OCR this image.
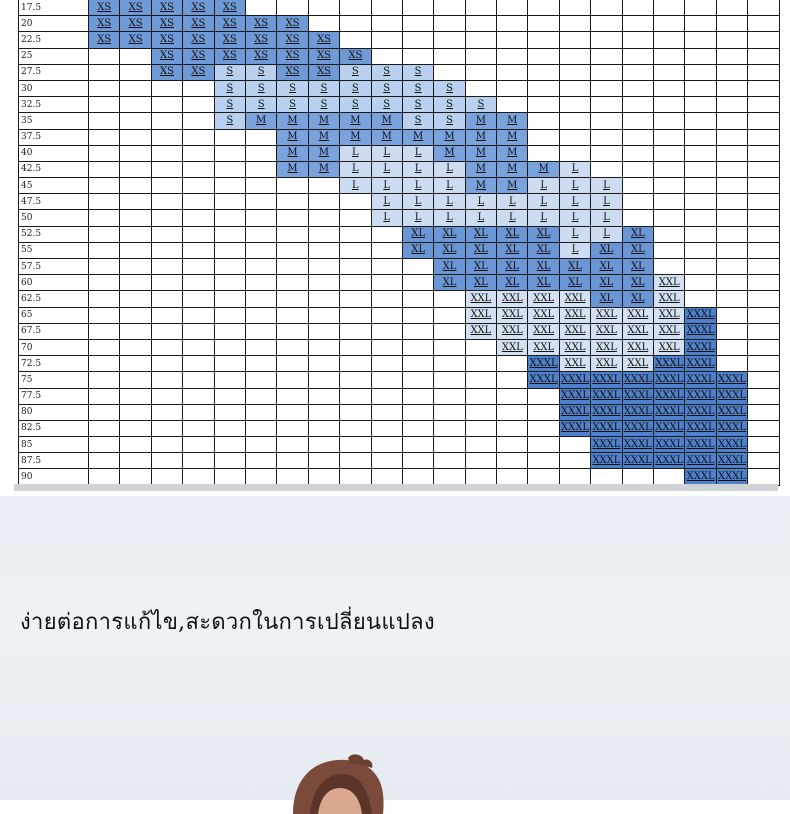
17.5	XS	XS	XS	XS	XS																	
20	XS	XS	XS	XS	XS	XS	XS															
22.5	XS	XS	XS	XS	XS	XS	XS	XS														
25			XS	XS	XS	XS	XS	XS	XS													
27.5			XS	XS	S	S	XS	XS	S	S	S											
30					S	S	S	S	S	S	S	S										
32.5					S	S	S	S	S	S	S	S	S									
35					S	M	M	M	M	M	S	S	M	M								
37.5							M	M	M	M	M	M	M	M								
40							M	M	L	L	L	M	M	M								
42.5							M	M	L	L	L	L	M	M	M	L						
45									L	L	L	L	M	M	L	L	L					
47.5										L	L	L	L	L	L	L	L					
50										L	L	L	L	L	L	L	L					
52.5											XL	XL	XL	XL	XL	L	L	XL				
55											XL	XL	XL	XL	XL	L	XL	XL				
57.5												XL	XL	XL	XL	XL	XL	XL				
60												XL	XL	XL	XL	XL	XL	XL	XXL			
62.5													XXL	XXL	XXL	XXL	XL	XL	XXL			
65													XXL	XXL	XXL	XXL	XXL	XXL	XXL	XXXL		
67.5													XXL	XXL	XXL	XXL	XXL	XXL	XXL	XXXL		
70														XXL	XXL	XXL	XXL	XXL	XXL	XXXL		
72.5															XXXL	XXL	XXL	XXL	XXXL	XXXL		
75															XXXL	XXXL	XXXL	XXXL	XXXL	XXXL	XXXL	
77.5																XXXL	XXXL	XXXL	XXXL	XXXL	XXXL	
80																XXXL	XXXL	XXXL	XXXL	XXXL	XXXL	
82.5																XXXL	XXXL	XXXL	XXXL	XXXL	XXXL	
85																	XXXL	XXXL	XXXL	XXXL	XXXL	
87.5																	XXXL	XXXL	XXXL	XXXL	XXXL	
90																				XXXL	XXXL	
ง่ายต่อการแก้ไข,สะดวกในการเปลี่ยนแปลง
